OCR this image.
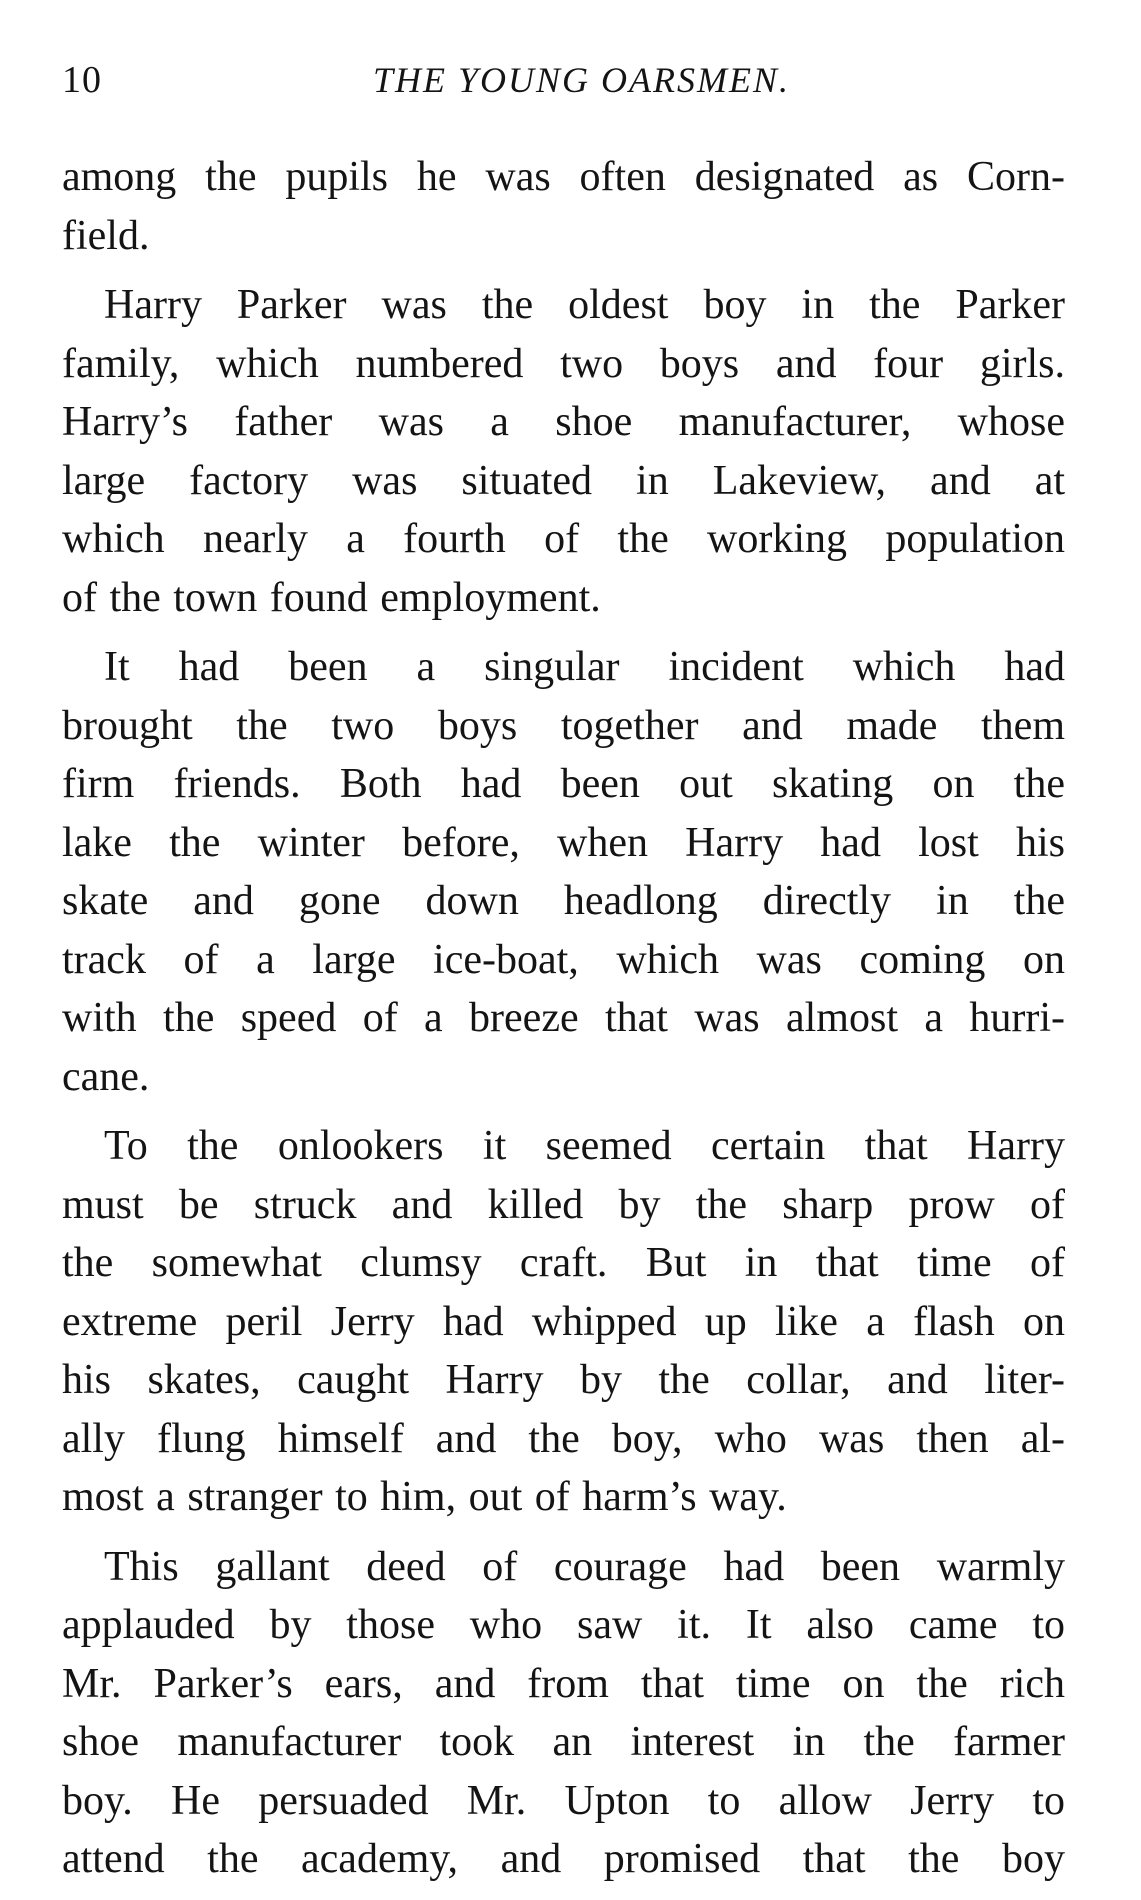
10	THE YOUNG OARSMEN.
among the pupils he was often designated as Corn-
field.
Harry Parker was the oldest boy in the Parker
family, which numbered two boys and four girls.
Harry’s father was a shoe manufacturer, whose
large factory was situated in Lakeview, and at
which nearly a fourth of the working population
of the town found employment.
It had been a singular incident which had
brought the two boys together and made them
firm friends. Both had been out skating on the
lake the winter before, when Harry had lost his
skate and gone down headlong directly in the
track of a large ice-boat, which was coming on
with the speed of a breeze that was almost a hurri-
cane.
To the onlookers it seemed certain that Harry
must be struck and killed by the sharp prow of
the somewhat clumsy craft. But in that time of
extreme peril Jerry had whipped up like a flash on
his skates, caught Harry by the collar, and liter-
ally flung himself and the boy, who was then al-
most a stranger to him, out of harm’s way.
This gallant deed of courage had been warmly
applauded by those who saw it. It also came to
Mr. Parker’s ears, and from that time on the rich
shoe manufacturer took an interest in the farmer
boy. He persuaded Mr. Upton to allow Jerry to
attend the academy, and promised that the boy
